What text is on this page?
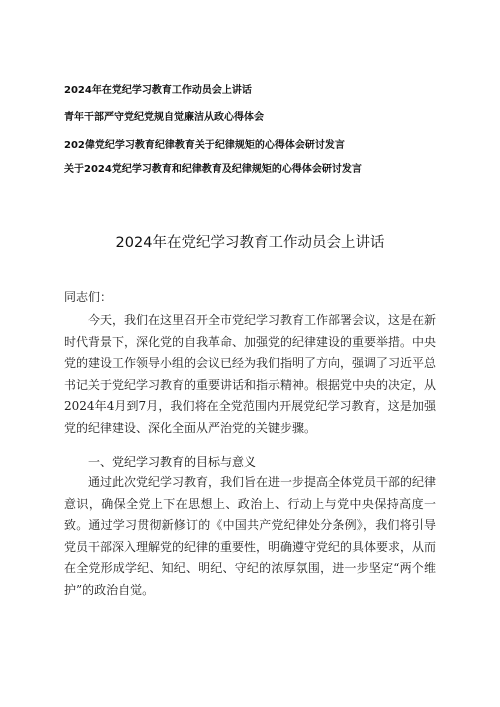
2024年在党纪学习教育工作动员会上讲话
青年干部严守党纪党规自觉廉洁从政心得体会
202偉党纪学习教育纪律教育关于纪律规矩的心得体会研讨发言
关于2024党纪学习教育和纪律教育及纪律规矩的心得体会研讨发言
2024年在党纪学习教育工作动员会上讲话
同志们：

今天，我们在这里召开全市党纪学习教育工作部署会议，这是在新时代背景下，深化党的自我革命、加强党的纪律建设的重要举措。中央党的建设工作领导小组的会议已经为我们指明了方向，强调了习近平总书记关于党纪学习教育的重要讲话和指示精神。根据党中央的决定，从2024年4月到7月，我们将在全党范围内开展党纪学习教育，这是加强党的纪律建设、深化全面从严治党的关键步骤。

一、党纪学习教育的目标与意义

通过此次党纪学习教育，我们旨在进一步提高全体党员干部的纪律意识，确保全党上下在思想上、政治上、行动上与党中央保持高度一致。通过学习贯彻新修订的《中国共产党纪律处分条例》，我们将引导党员干部深入理解党的纪律的重要性，明确遵守党纪的具体要求，从而在全党形成学纪、知纪、明纪、守纪的浓厚氛围，进一步坚定“两个维护”的政治自觉。
